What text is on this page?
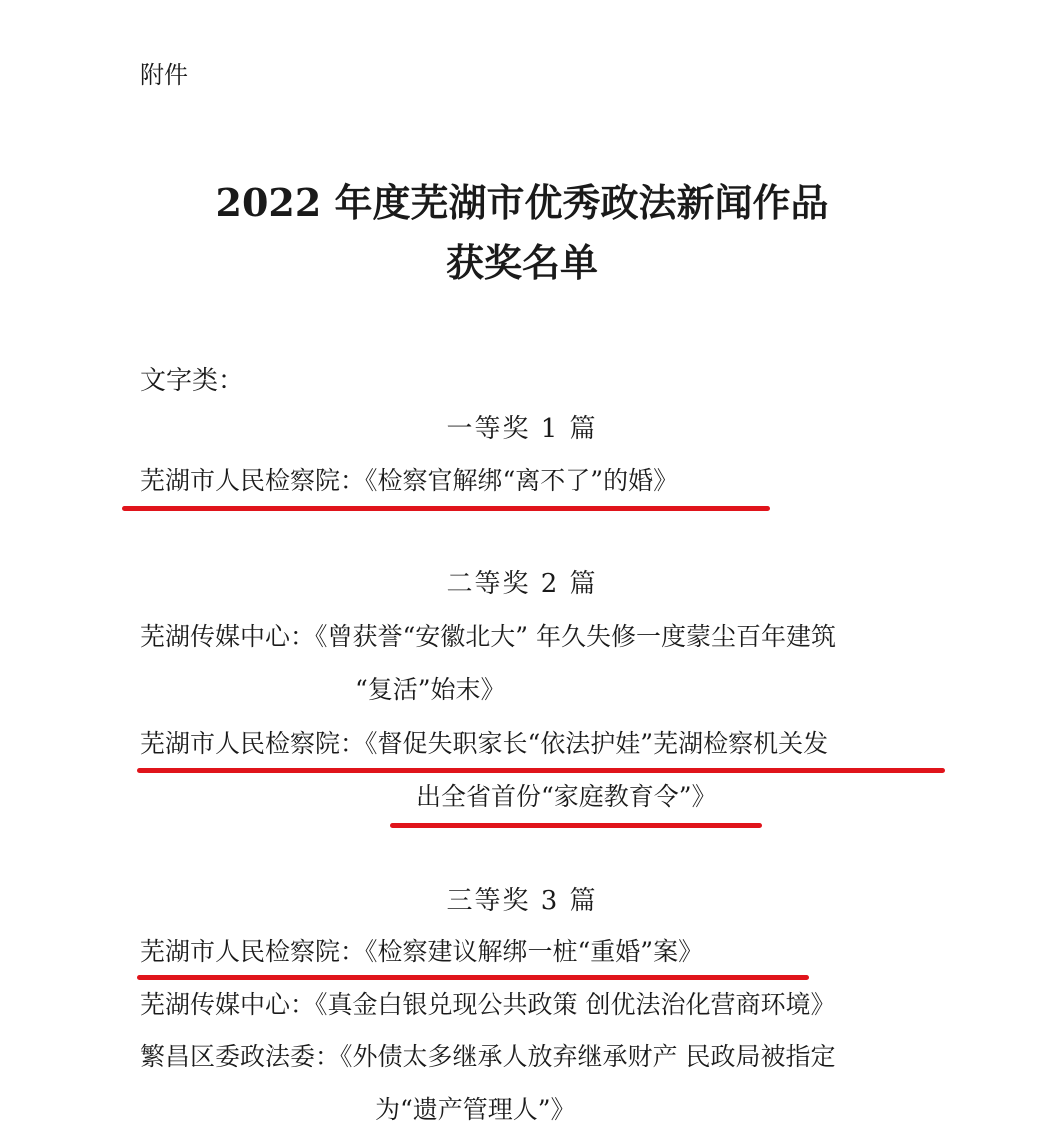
附件
2022 年度芜湖市优秀政法新闻作品
获奖名单
文字类：
一等奖 1 篇
芜湖市人民检察院：《检察官解绑“离不了”的婚》
二等奖 2 篇
芜湖传媒中心：《曾获誉“安徽北大” 年久失修一度蒙尘百年建筑
“复活”始末》
芜湖市人民检察院：《督促失职家长“依法护娃”芜湖检察机关发
出全省首份“家庭教育令”》
三等奖 3 篇
芜湖市人民检察院：《检察建议解绑一桩“重婚”案》
芜湖传媒中心：《真金白银兑现公共政策 创优法治化营商环境》
繁昌区委政法委：《外债太多继承人放弃继承财产 民政局被指定
为“遗产管理人”》
